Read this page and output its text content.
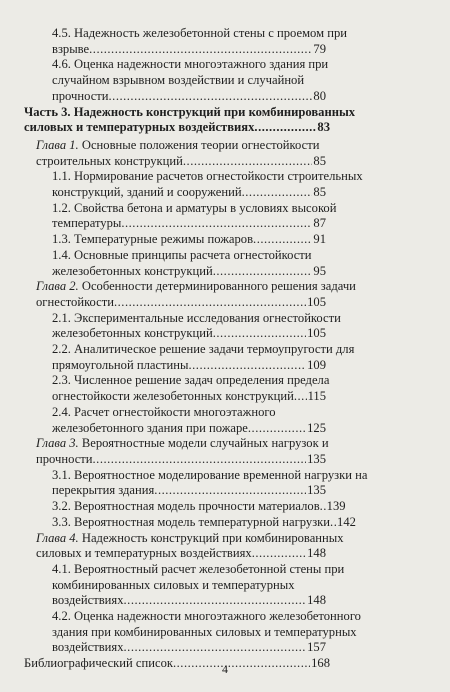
4.5. Надежность железобетонной стены с проемом при
взрыве .....	79
4.6. Оценка надежности многоэтажного здания при
случайном взрывном воздействии и случайной
прочности .....	80
Часть 3. Надежность конструкций при комбинированных
силовых и температурных воздействиях .....	83
Глава 1. Основные положения теории огнестойкости
строительных конструкций .....	85
1.1. Нормирование расчетов огнестойкости строительных
конструкций, зданий и сооружений .....	85
1.2. Свойства бетона и арматуры в условиях высокой
температуры .....	87
1.3. Температурные режимы пожаров .....	91
1.4. Основные принципы расчета огнестойкости
железобетонных конструкций .....	95
Глава 2. Особенности детерминированного решения задачи
огнестойкости .....	105
2.1. Экспериментальные исследования огнестойкости
железобетонных конструкций .....	105
2.2. Аналитическое решение задачи термоупругости для
прямоугольной пластины .....	109
2.3. Численное решение задач определения предела
огнестойкости железобетонных конструкций ..... 115
2.4. Расчет огнестойкости многоэтажного
железобетонного здания при пожаре .....	125
Глава 3. Вероятностные модели случайных нагрузок и
прочности .....	135
3.1. Вероятностное моделирование временной нагрузки на
перекрытия здания .....	135
3.2. Вероятностная модель прочности материалов ..... 139
3.3. Вероятностная модель температурной нагрузки ..... 142
Глава 4. Надежность конструкций при комбинированных
силовых и температурных воздействиях .....	148
4.1. Вероятностный расчет железобетонной стены при
комбинированных силовых и температурных
воздействиях .....	148
4.2. Оценка надежности многоэтажного железобетонного
здания при комбинированных силовых и температурных
воздействиях .....	157
Библиографический список .....	168
4
